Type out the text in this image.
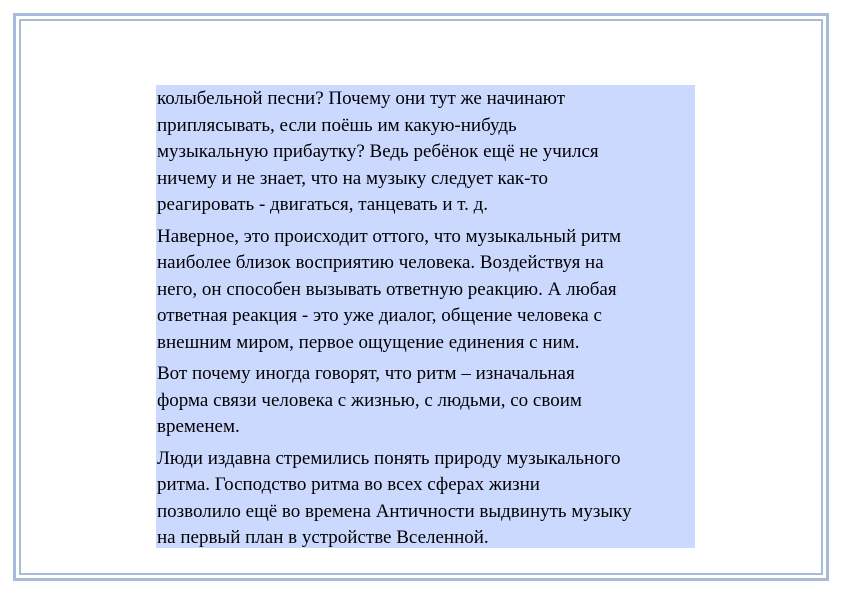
колыбельной песни? Почему они тут же начинают
приплясывать, если поёшь им какую-нибудь
музыкальную прибаутку? Ведь ребёнок ещё не учился
ничему и не знает, что на музыку следует как-то
реагировать - двигаться, танцевать и т. д.

Наверное, это происходит оттого, что музыкальный ритм
наиболее близок восприятию человека. Воздействуя на
него, он способен вызывать ответную реакцию. А любая
ответная реакция - это уже диалог, общение человека с
внешним миром, первое ощущение единения с ним.

Вот почему иногда говорят, что ритм – изначальная
форма связи человека с жизнью, с людьми, со своим
временем.

Люди издавна стремились понять природу музыкального
ритма. Господство ритма во всех сферах жизни
позволило ещё во времена Античности выдвинуть музыку
на первый план в устройстве Вселенной.
